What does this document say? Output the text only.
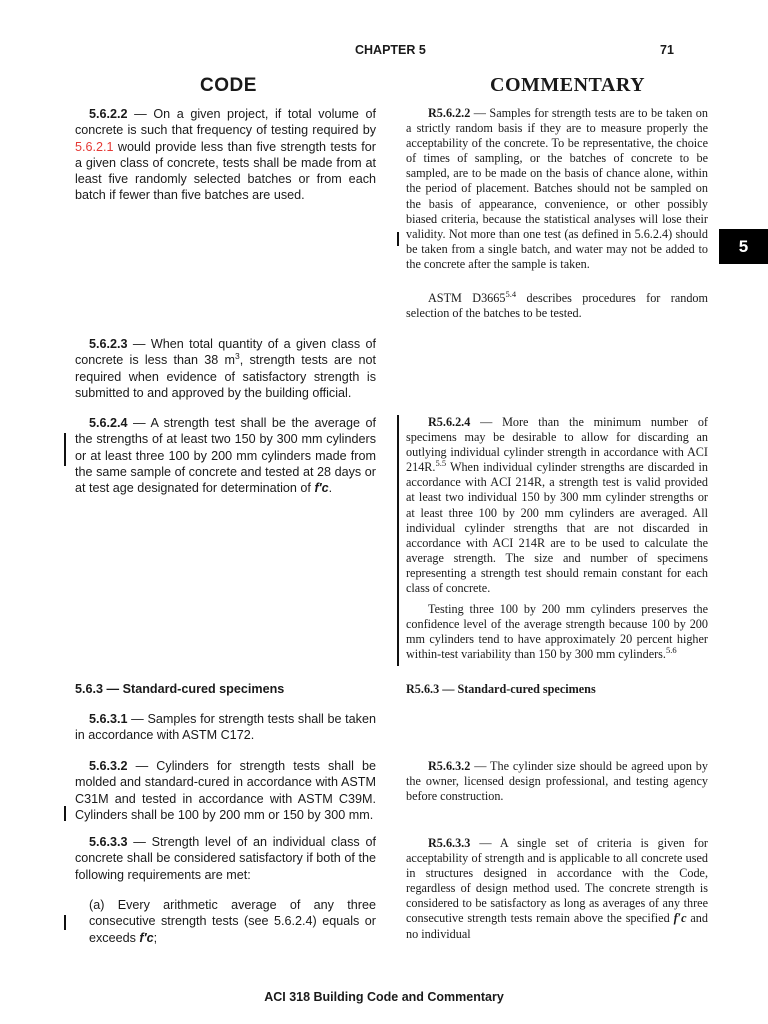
CHAPTER 5	71
CODE	COMMENTARY
5

5.6.2.2 — On a given project, if total volume of concrete is such that frequency of testing required by 5.6.2.1 would provide less than five strength tests for a given class of concrete, tests shall be made from at least five randomly selected batches or from each batch if fewer than five batches are used.

5.6.2.3 — When total quantity of a given class of concrete is less than 38 $m^3$, strength tests are not required when evidence of satisfactory strength is submitted to and approved by the building official.

5.6.2.4 — A strength test shall be the average of the strengths of at least two 150 by 300 mm cylinders or at least three 100 by 200 mm cylinders made from the same sample of concrete and tested at 28 days or at test age designated for determination of f′c.

5.6.3 — Standard-cured specimens

5.6.3.1 — Samples for strength tests shall be taken in accordance with ASTM C172.

5.6.3.2 — Cylinders for strength tests shall be molded and standard-cured in accordance with ASTM C31M and tested in accordance with ASTM C39M. Cylinders shall be 100 by 200 mm or 150 by 300 mm.

5.6.3.3 — Strength level of an individual class of concrete shall be considered satisfactory if both of the following requirements are met:

(a) Every arithmetic average of any three consecutive strength tests (see 5.6.2.4) equals or exceeds f′c;

R5.6.2.2 — Samples for strength tests are to be taken on a strictly random basis if they are to measure properly the acceptability of the concrete. To be representative, the choice of times of sampling, or the batches of concrete to be sampled, are to be made on the basis of chance alone, within the period of placement. Batches should not be sampled on the basis of appearance, convenience, or other possibly biased criteria, because the statistical analyses will lose their validity. Not more than one test (as defined in 5.6.2.4) should be taken from a single batch, and water may not be added to the concrete after the sample is taken.

ASTM $D3665^{5.4}$ describes procedures for random selection of the batches to be tested.

R5.6.2.4 — More than the minimum number of specimens may be desirable to allow for discarding an outlying individual cylinder strength in accordance with ACI 214R.$^{5.5}$ When individual cylinder strengths are discarded in accordance with ACI 214R, a strength test is valid provided at least two individual 150 by 300 mm cylinder strengths or at least three 100 by 200 mm cylinders are averaged. All individual cylinder strengths that are not discarded in accordance with ACI 214R are to be used to calculate the average strength. The size and number of specimens representing a strength test should remain constant for each class of concrete.

Testing three 100 by 200 mm cylinders preserves the confidence level of the average strength because 100 by 200 mm cylinders tend to have approximately 20 percent higher within-test variability than 150 by 300 mm cylinders.$^{5.6}$

R5.6.3 — Standard-cured specimens

R5.6.3.2 — The cylinder size should be agreed upon by the owner, licensed design professional, and testing agency before construction.

R5.6.3.3 — A single set of criteria is given for acceptability of strength and is applicable to all concrete used in structures designed in accordance with the Code, regardless of design method used. The concrete strength is considered to be satisfactory as long as averages of any three consecutive strength tests remain above the specified f′c and no individual

ACI 318 Building Code and Commentary
